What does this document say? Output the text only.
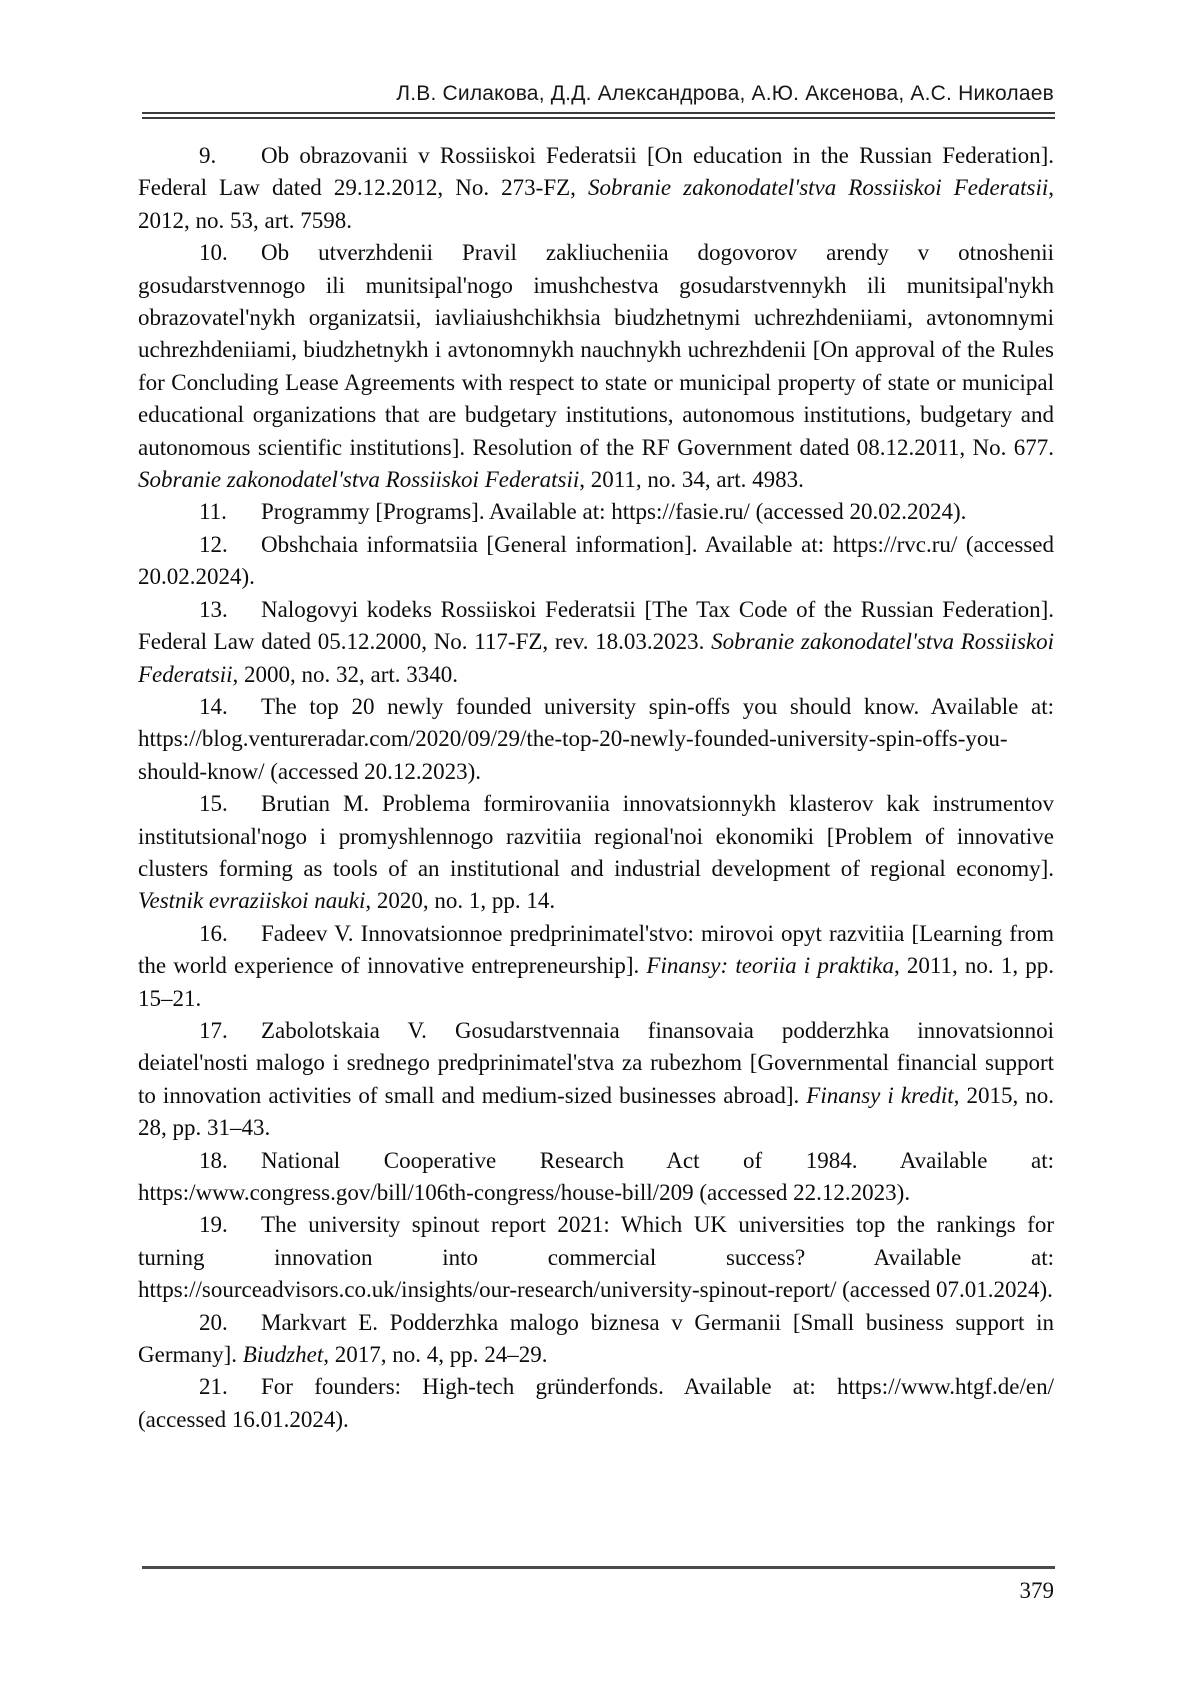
Л.В. Силакова, Д.Д. Александрова, А.Ю. Аксенова, А.С. Николаев

9. Ob obrazovanii v Rossiiskoi Federatsii [On education in the Russian Federation]. Federal Law dated 29.12.2012, No. 273-FZ, Sobranie zakonodatel'stva Rossiiskoi Federatsii, 2012, no. 53, art. 7598.

10. Ob utverzhdenii Pravil zakliucheniia dogovorov arendy v otnoshenii gosudarstvennogo ili munitsipal'nogo imushchestva gosudarstvennykh ili munitsipal'nykh obrazovatel'nykh organizatsii, iavliaiushchikhsia biudzhetnymi uchrezhdeniiami, avtonomnymi uchrezhdeniiami, biudzhetnykh i avtonomnykh nauchnykh uchrezhdenii [On approval of the Rules for Concluding Lease Agreements with respect to state or municipal property of state or municipal educational organizations that are budgetary institutions, autonomous institutions, budgetary and autonomous scientific institutions]. Resolution of the RF Government dated 08.12.2011, No. 677. Sobranie zakonodatel'stva Rossiiskoi Federatsii, 2011, no. 34, art. 4983.

11. Programmy [Programs]. Available at: https://fasie.ru/ (accessed 20.02.2024).

12. Obshchaia informatsiia [General information]. Available at: https://rvc.ru/ (accessed 20.02.2024).

13. Nalogovyi kodeks Rossiiskoi Federatsii [The Tax Code of the Russian Federation]. Federal Law dated 05.12.2000, No. 117-FZ, rev. 18.03.2023. Sobranie zakonodatel'stva Rossiiskoi Federatsii, 2000, no. 32, art. 3340.

14. The top 20 newly founded university spin-offs you should know. Available at: https://blog.ventureradar.com/2020/09/29/the-top-20-newly-founded-university-spin-offs-you-should-know/ (accessed 20.12.2023).

15. Brutian M. Problema formirovaniia innovatsionnykh klasterov kak instrumentov institutsional'nogo i promyshlennogo razvitiia regional'noi ekonomiki [Problem of innovative clusters forming as tools of an institutional and industrial development of regional economy]. Vestnik evraziiskoi nauki, 2020, no. 1, pp. 14.

16. Fadeev V. Innovatsionnoe predprinimatel'stvo: mirovoi opyt razvitiia [Learning from the world experience of innovative entrepreneurship]. Finansy: teoriia i praktika, 2011, no. 1, pp. 15–21.

17. Zabolotskaia V. Gosudarstvennaia finansovaia podderzhka innovatsionnoi deiatel'nosti malogo i srednego predprinimatel'stva za rubezhom [Governmental financial support to innovation activities of small and medium-sized businesses abroad]. Finansy i kredit, 2015, no. 28, pp. 31–43.

18. National Cooperative Research Act of 1984. Available at: https:/www.congress.gov/bill/106th-congress/house-bill/209 (accessed 22.12.2023).

19. The university spinout report 2021: Which UK universities top the rankings for turning innovation into commercial success? Available at: https://sourceadvisors.co.uk/insights/our-research/university-spinout-report/ (accessed 07.01.2024).

20. Markvart E. Podderzhka malogo biznesa v Germanii [Small business support in Germany]. Biudzhet, 2017, no. 4, pp. 24–29.

21. For founders: High-tech gründerfonds. Available at: https://www.htgf.de/en/ (accessed 16.01.2024).

379
